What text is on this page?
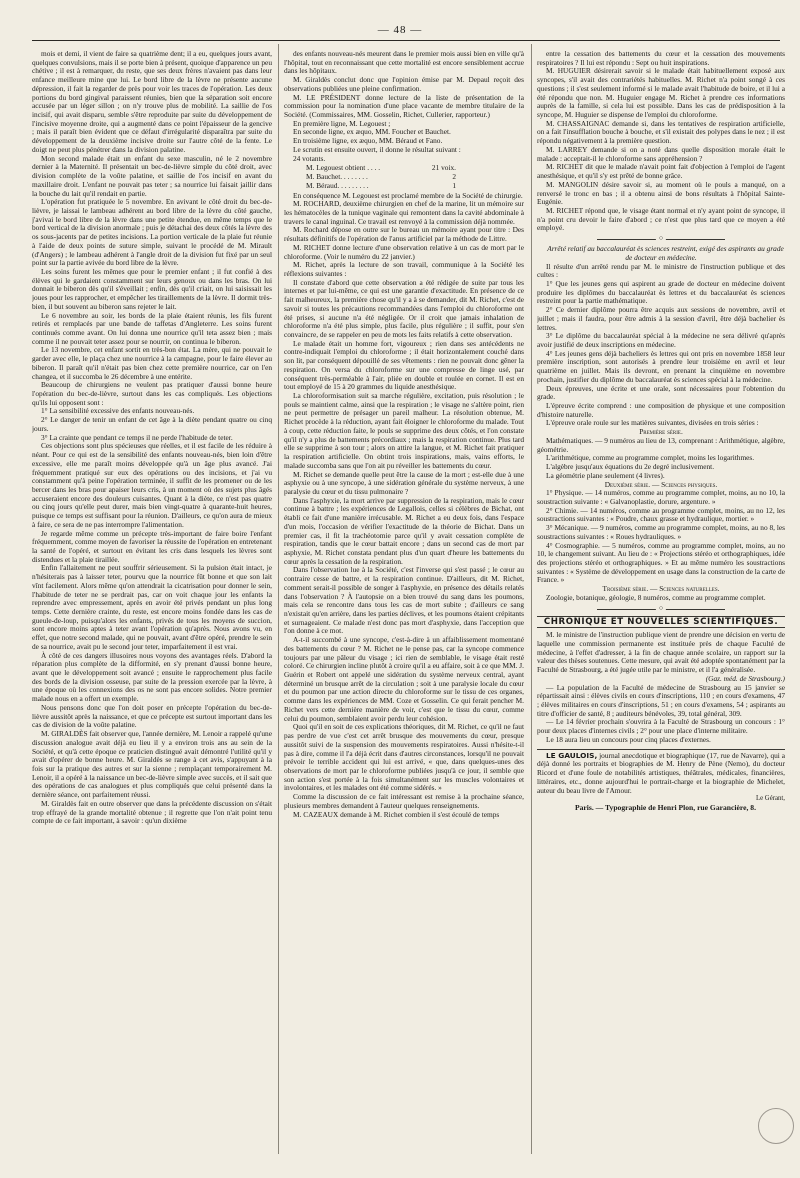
— 48 —

mois et demi, il vient de faire sa quatrième dent; il a eu, quelques jours avant, quelques convulsions, mais il se porte bien à présent, quoique d'apparence un peu chétive ; il est à remarquer, du reste, que ses deux frères n'avaient pas dans leur enfance meilleure mine que lui. Le bord libre de la lèvre ne présente aucune dépression, il fait la regarder de près pour voir les traces de l'opération. Les deux portions du bord gingival paraissent réunies, bien que la séparation soit encore accusée par un léger sillon ; on n'y trouve plus de mobilité. La saillie de l'os incisif, qui avait disparu, semble s'être reproduite par suite du développement de l'incisive moyenne droite, qui a augmenté dans ce point l'épaisseur de la gencive ; mais il paraît bien évident que ce défaut d'irrégularité disparaîtra par suite du développement de la deuxième incisive droite sur l'autre côté de la fente. Le doigt ne peut plus pénétrer dans la division palatine.

Mon second malade était un enfant du sexe masculin, né le 2 novembre dernier à la Maternité. Il présentait un bec-de-lièvre simple du côté droit, avec division complète de la voûte palatine, et saillie de l'os incisif en avant du maxillaire droit. L'enfant ne pouvait pas teter ; sa nourrice lui faisait jaillir dans la bouche du lait qu'il rendait en partie.

L'opération fut pratiquée le 5 novembre. En avivant le côté droit du bec-de-lièvre, je laissai le lambeau adhérent au bord libre de la lèvre du côté gauche, j'avivai le bord libre de la lèvre dans une petite étendue, en même temps que le bord vertical de la division anormale ; puis je détachai des deux côtés la lèvre des os sous-jacents par de petites incisions. La portion verticale de la plaie fut réunie à l'aide de deux points de suture simple, suivant le procédé de M. Mirault (d'Angers) ; le lambeau adhérent à l'angle droit de la division fut fixé par un seul point sur la partie avivée du bord libre de la lèvre.

Les soins furent les mêmes que pour le premier enfant ; il fut confié à des élèves qui le gardaient constamment sur leurs genoux ou dans les bras. On lui donnait le biberon dès qu'il s'éveillait ; enfin, dès qu'il criait, on lui saisissait les joues pour les rapprocher, et empêcher les tiraillements de la lèvre. Il dormit très-bien, il but souvent au biberon sans rejeter le lait.

Le 6 novembre au soir, les bords de la plaie étaient réunis, les fils furent retirés et remplacés par une bande de taffetas d'Angleterre. Les soins furent continués comme avant. On lui donna une nourrice qu'il teta assez bien ; mais comme il ne pouvait teter assez pour se nourrir, on continua le biberon.

Le 13 novembre, cet enfant sortit en très-bon état. La mère, qui ne pouvait le garder avec elle, le plaça chez une nourrice à la campagne, pour le faire élever au biberon. Il paraît qu'il n'était pas bien chez cette première nourrice, car on l'en changea, et il succomba le 26 décembre à une entérite.

Beaucoup de chirurgiens ne veulent pas pratiquer d'aussi bonne heure l'opération du bec-de-lièvre, surtout dans les cas compliqués. Les objections qu'ils lui opposent sont :

1° La sensibilité excessive des enfants nouveau-nés.

2° Le danger de tenir un enfant de cet âge à la diète pendant quatre ou cinq jours.

3° La crainte que pendant ce temps il ne perde l'habitude de teter.

Ces objections sont plus spécieuses que réelles, et il est facile de les réduire à néant. Pour ce qui est de la sensibilité des enfants nouveau-nés, bien loin d'être excessive, elle me paraît moins développée qu'à un âge plus avancé. J'ai fréquemment pratiqué sur eux des opérations ou des incisions, et j'ai vu constamment qu'à peine l'opération terminée, il suffit de les promener ou de les bercer dans les bras pour apaiser leurs cris, à un moment où des sujets plus âgés accuseraient encore des douleurs cuisantes. Quant à la diète, ce n'est pas quatre ou cinq jours qu'elle peut durer, mais bien vingt-quatre à quarante-huit heures, puisque ce temps est suffisant pour la réunion. D'ailleurs, ce qu'on aura de mieux à faire, ce sera de ne pas interrompre l'alimentation.

Je regarde même comme un précepte très-important de faire boire l'enfant fréquemment, comme moyen de favoriser la réussite de l'opération en entretenant la santé de l'opéré, et surtout en évitant les cris dans lesquels les lèvres sont distendues et la plaie tiraillée.

Enfin l'allaitement ne peut souffrir sérieusement. Si la pulsion était intact, je n'hésiterais pas à laisser teter, pourvu que la nourrice fût bonne et que son lait vînt facilement. Alors même qu'on attendrait la cicatrisation pour donner le sein, l'habitude de teter ne se perdrait pas, car on voit chaque jour les enfants la reprendre avec empressement, après en avoir été privés pendant un plus long temps. Cette dernière crainte, du reste, est encore moins fondée dans les cas de gueule-de-loup, puisqu'alors les enfants, privés de tous les moyens de succion, sont encore moins aptes à teter avant l'opération qu'après. Nous avons vu, en effet, que notre second malade, qui ne pouvait, avant d'être opéré, prendre le sein de sa nourrice, avait pu le second jour teter, imparfaitement il est vrai.

À côté de ces dangers illusoires nous voyons des avantages réels. D'abord la réparation plus complète de la difformité, en s'y prenant d'aussi bonne heure, avant que le développement soit avancé ; ensuite le rapprochement plus facile des bords de la division osseuse, par suite de la pression exercée par la lèvre, à une époque où les connexions des os ne sont pas encore solides. Notre premier malade nous en a offert un exemple.

Nous pensons donc que l'on doit poser en précepte l'opération du bec-de-lièvre aussitôt après la naissance, et que ce précepte est surtout important dans les cas de division de la voûte palatine.

M. GIRALDÈS fait observer que, l'année dernière, M. Lenoir a rappelé qu'une discussion analogue avait déjà eu lieu il y a environ trois ans au sein de la Société, et qu'à cette époque ce praticien distingué avait démontré l'utilité qu'il y avait d'opérer de bonne heure. M. Giraldès se range à cet avis, s'appuyant à la fois sur la pratique des autres et sur la sienne ; remplaçant temporairement M. Lenoir, il a opéré à la naissance un bec-de-lièvre simple avec succès, et il sait que des opérations de cas analogues et plus compliqués que celui présenté dans la dernière séance, ont parfaitement réussi.

M. Giraldès fait en outre observer que dans la précédente discussion on s'était trop effrayé de la grande mortalité obtenue ; il regrette que l'on n'ait point tenu compte de ce fait important, à savoir : qu'un dixième

des enfants nouveau-nés meurent dans le premier mois aussi bien en ville qu'à l'hôpital, tout en reconnaissant que cette mortalité est encore sensiblement accrue dans les hôpitaux.

M. Giraldès conclut donc que l'opinion émise par M. Depaul reçoit des observations publiées une pleine confirmation.

M. LE PRÉSIDENT donne lecture de la liste de présentation de la commission pour la nomination d'une place vacante de membre titulaire de la Société. (Commissaires, MM. Gosselin, Richet, Cullerier, rapporteur.)

En première ligne, M. Legouest ;

En seconde ligne, ex æquo, MM. Foucher et Bauchet.

En troisième ligne, ex æquo, MM. Béraud et Fano.

Le scrutin est ensuite ouvert, il donne le résultat suivant :

24 votants.

M. Legouest obtient . . . .	21 voix.
M. Bauchet. . . . . . . .	2
M. Béraud. . . . . . . . .	1

En conséquence M. Legouest est proclamé membre de la Société de chirurgie.

M. ROCHARD, deuxième chirurgien en chef de la marine, lit un mémoire sur les hématocèles de la tunique vaginale qui remontent dans la cavité abdominale à travers le canal inguinal. Ce travail est renvoyé à la commission déjà nommée.

M. Rochard dépose en outre sur le bureau un mémoire ayant pour titre : Des résultats définitifs de l'opération de l'anus artificiel par la méthode de Littre.

M. RICHET donne lecture d'une observation relative à un cas de mort par le chloroforme. (Voir le numéro du 22 janvier.)

M. Richet, après la lecture de son travail, communique à la Société les réflexions suivantes :

Il constate d'abord que cette observation a été rédigée de suite par tous les internes et par lui-même, ce qui est une garantie d'exactitude. En présence de ce fait malheureux, la première chose qu'il y a à se demander, dit M. Richet, c'est de savoir si toutes les précautions recommandées dans l'emploi du chloroforme ont été prises, si aucune n'a été négligée. Or il croit que jamais inhalation de chloroforme n'a été plus simple, plus facile, plus régulière ; il suffit, pour s'en convaincre, de se rappeler en peu de mots les faits relatifs à cette observation.

Le malade était un homme fort, vigoureux ; rien dans ses antécédents ne contre-indiquait l'emploi du chloroforme ; il était horizontalement couché dans son lit, par conséquent dépouillé de ses vêtements : rien ne pouvait donc gêner la respiration. On versa du chloroforme sur une compresse de linge usé, par conséquent très-perméable à l'air, pliée en double et roulée en cornet. Il est en tout employé de 15 à 20 grammes du liquide anesthésique.

La chloroformisation suit sa marche régulière, excitation, puis résolution ; le pouls se maintient calme, ainsi que la respiration ; le visage ne s'altère point, rien ne peut permettre de présager un pareil malheur. La résolution obtenue, M. Richet procède à la réduction, ayant fait éloigner le chloroforme du malade. Tout à coup, cette réduction faite, le pouls se supprime des deux côtés, et l'on constate qu'il n'y a plus de battements précordiaux ; mais la respiration continue. Plus tard elle se supprime à son tour ; alors on attire la langue, et M. Richet fait pratiquer la respiration artificielle. On obtint trois inspirations, mais, vains efforts, le malade succomba sans que l'on ait pu réveiller les battements du cœur.

M. Richet se demande quelle peut être la cause de la mort ; est-elle due à une asphyxie ou à une syncope, à une sidération générale du système nerveux, à une paralysie du cœur et du tissu pulmonaire ?

Dans l'asphyxie, la mort arrive par suppression de la respiration, mais le cœur continue à battre ; les expériences de Legallois, celles si célèbres de Bichat, ont établi ce fait d'une manière irrécusable. M. Richet a eu deux fois, dans l'espace d'un mois, l'occasion de vérifier l'exactitude de la théorie de Bichat. Dans un premier cas, il fit la trachéotomie parce qu'il y avait cessation complète de respiration, tandis que le cœur battait encore ; dans un second cas de mort par asphyxie, M. Richet constata pendant plus d'un quart d'heure les battements du cœur après la cessation de la respiration.

Dans l'observation lue à la Société, c'est l'inverse qui s'est passé ; le cœur au contraire cesse de battre, et la respiration continue. D'ailleurs, dit M. Richet, comment serait-il possible de songer à l'asphyxie, en présence des détails relatés dans l'observation ? À l'autopsie on a bien trouvé du sang dans les poumons, mais cela se rencontre dans tous les cas de mort subite ; d'ailleurs ce sang n'existait qu'en arrière, dans les parties déclives, et les poumons étaient crépitants et surnageaient. Ce malade n'est donc pas mort d'asphyxie, dans l'acception que l'on donne à ce mot.

A-t-il succombé à une syncope, c'est-à-dire à un affaiblissement momentané des battements du cœur ? M. Richet ne le pense pas, car la syncope commence toujours par une pâleur du visage ; ici rien de semblable, le visage était resté coloré. Ce chirurgien incline plutôt à croire qu'il a eu affaire, soit à ce que MM. J. Guérin et Robert ont appelé une sidération du système nerveux central, ayant déterminé un brusque arrêt de la circulation ; soit à une paralysie locale du cœur et du poumon par une action directe du chloroforme sur le tissu de ces organes, comme dans les expériences de MM. Coze et Gosselin. Ce qui ferait pencher M. Richet vers cette dernière manière de voir, c'est que le tissu du cœur, comme celui du poumon, semblaient avoir perdu leur cohésion.

Quoi qu'il en soit de ces explications théoriques, dit M. Richet, ce qu'il ne faut pas perdre de vue c'est cet arrêt brusque des mouvements du cœur, presque aussitôt suivi de la suspension des mouvements respiratoires. Aussi n'hésite-t-il pas à dire, comme il l'a déjà écrit dans d'autres circonstances, lorsqu'il ne pouvait prévoir le terrible accident qui lui est arrivé, « que, dans quelques-unes des observations de mort par le chloroforme publiées jusqu'à ce jour, il semble que son action s'est portée à la fois simultanément sur les muscles volontaires et involontaires, et les malades ont été comme sidérés. »

Comme la discussion de ce fait intéressant est remise à la prochaine séance, plusieurs membres demandent à l'auteur quelques renseignements.

M. CAZEAUX demande à M. Richet combien il s'est écoulé de temps

entre la cessation des battements du cœur et la cessation des mouvements respiratoires ? Il lui est répondu : Sept ou huit inspirations.

M. HUGUIER désirerait savoir si le malade était habituellement exposé aux syncopes, s'il avait des contrariétés habituelles. M. Richet n'a point songé à ces questions ; il s'est seulement informé si le malade avait l'habitude de boire, et il lui a été répondu que non. M. Huguier engage M. Richet à prendre ces informations auprès de la famille, si cela lui est possible. Dans les cas de prédisposition à la syncope, M. Huguier se dispense de l'emploi du chloroforme.

M. CHASSAIGNAC demande si, dans les tentatives de respiration artificielle, on a fait l'insufflation bouche à bouche, et s'il existait des polypes dans le nez ; il est répondu négativement à la première question.

M. LARREY demande si on a noté dans quelle disposition morale était le malade : acceptait-il le chloroforme sans appréhension ?

M. RICHET dit que le malade n'avait point fait d'objection à l'emploi de l'agent anesthésique, et qu'il s'y est prêté de bonne grâce.

M. MANGOLIN désire savoir si, au moment où le pouls a manqué, on a renversé le tronc en bas ; il a obtenu ainsi de bons résultats à l'hôpital Sainte-Eugénie.

M. RICHET répond que, le visage étant normal et n'y ayant point de syncope, il n'a point cru devoir le faire d'abord ; ce n'est que plus tard que ce moyen a été employé.

○

Arrêté relatif au baccalauréat ès sciences restreint, exigé des aspirants au grade de docteur en médecine.

Il résulte d'un arrêté rendu par M. le ministre de l'instruction publique et des cultes :

1° Que les jeunes gens qui aspirent au grade de docteur en médecine doivent produire les diplômes du baccalauréat ès lettres et du baccalauréat ès sciences restreint pour la partie mathématique.

2° Ce dernier diplôme pourra être acquis aux sessions de novembre, avril et juillet ; mais il faudra, pour être admis à la session d'avril, être déjà bachelier ès lettres.

3° Le diplôme du baccalauréat spécial à la médecine ne sera délivré qu'après avoir justifié de deux inscriptions en médecine.

4° Les jeunes gens déjà bacheliers ès lettres qui ont pris en novembre 1858 leur première inscription, sont autorisés à prendre leur troisième en avril et leur quatrième en juillet. Mais ils devront, en prenant la cinquième en novembre prochain, justifier du diplôme du baccalauréat ès sciences spécial à la médecine.

Deux épreuves, une écrite et une orale, sont nécessaires pour l'obtention du grade.

L'épreuve écrite comprend : une composition de physique et une composition d'histoire naturelle.

L'épreuve orale roule sur les matières suivantes, divisées en trois séries :

Première série.

Mathématiques. — 9 numéros au lieu de 13, comprenant : Arithmétique, algèbre, géométrie.

L'arithmétique, comme au programme complet, moins les logarithmes.

L'algèbre jusqu'aux équations du 2e degré inclusivement.

La géométrie plane seulement (4 livres).

Deuxième série. — Sciences physiques.

1° Physique. — 14 numéros, comme au programme complet, moins, au no 10, la soustraction suivante : « Galvanoplastie, dorure, argenture. »

2° Chimie. — 14 numéros, comme au programme complet, moins, au no 12, les soustractions suivantes : « Poudre, chaux grasse et hydraulique, mortier. »

3° Mécanique. — 9 numéros, comme au programme complet, moins, au no 8, les soustractions suivantes : « Roues hydrauliques. »

4° Cosmographie. — 5 numéros, comme au programme complet, moins, au no 10, le changement suivant. Au lieu de : « Projections stéréo et orthographiques, idée des projections stéréo et orthographiques. » Et au même numéro les soustractions suivantes : « Système de développement en usage dans la construction de la carte de France. »

Troisième série. — Sciences naturelles.

Zoologie, botanique, géologie, 8 numéros, comme au programme complet.

○
CHRONIQUE ET NOUVELLES SCIENTIFIQUES.

M. le ministre de l'instruction publique vient de prendre une décision en vertu de laquelle une commission permanente est instituée près de chaque Faculté de médecine, à l'effet d'adresser, à la fin de chaque année scolaire, un rapport sur la valeur des thèses soutenues. Cette mesure, qui avait été adoptée spontanément par la Faculté de Strasbourg, a été jugée utile par le ministre, et il l'a généralisée.

(Gaz. méd. de Strasbourg.)

— La population de la Faculté de médecine de Strasbourg au 15 janvier se répartissait ainsi : élèves civils en cours d'inscriptions, 110 ; en cours d'examens, 47 ; élèves militaires en cours d'inscriptions, 51 ; en cours d'examens, 54 ; aspirants au titre d'officier de santé, 8 ; auditeurs bénévoles, 39, total général, 309.

— Le 14 février prochain s'ouvrira à la Faculté de Strasbourg un concours : 1° pour deux places d'internes civils ; 2° pour une place d'interne militaire.

Le 18 aura lieu un concours pour cinq places d'externes.

LE GAULOIS, journal anecdotique et biographique (17, rue de Navarre), qui a déjà donné les portraits et biographies de M. Henry de Pène (Nemo), du docteur Ricord et d'une foule de notabilités artistiques, théâtrales, médicales, financières, littéraires, etc., donne aujourd'hui le portrait-charge et la biographie de Michelet, auteur du beau livre de l'Amour.

Le Gérant,

Paris. — Typographie de Henri Plon, rue Garancière, 8.
